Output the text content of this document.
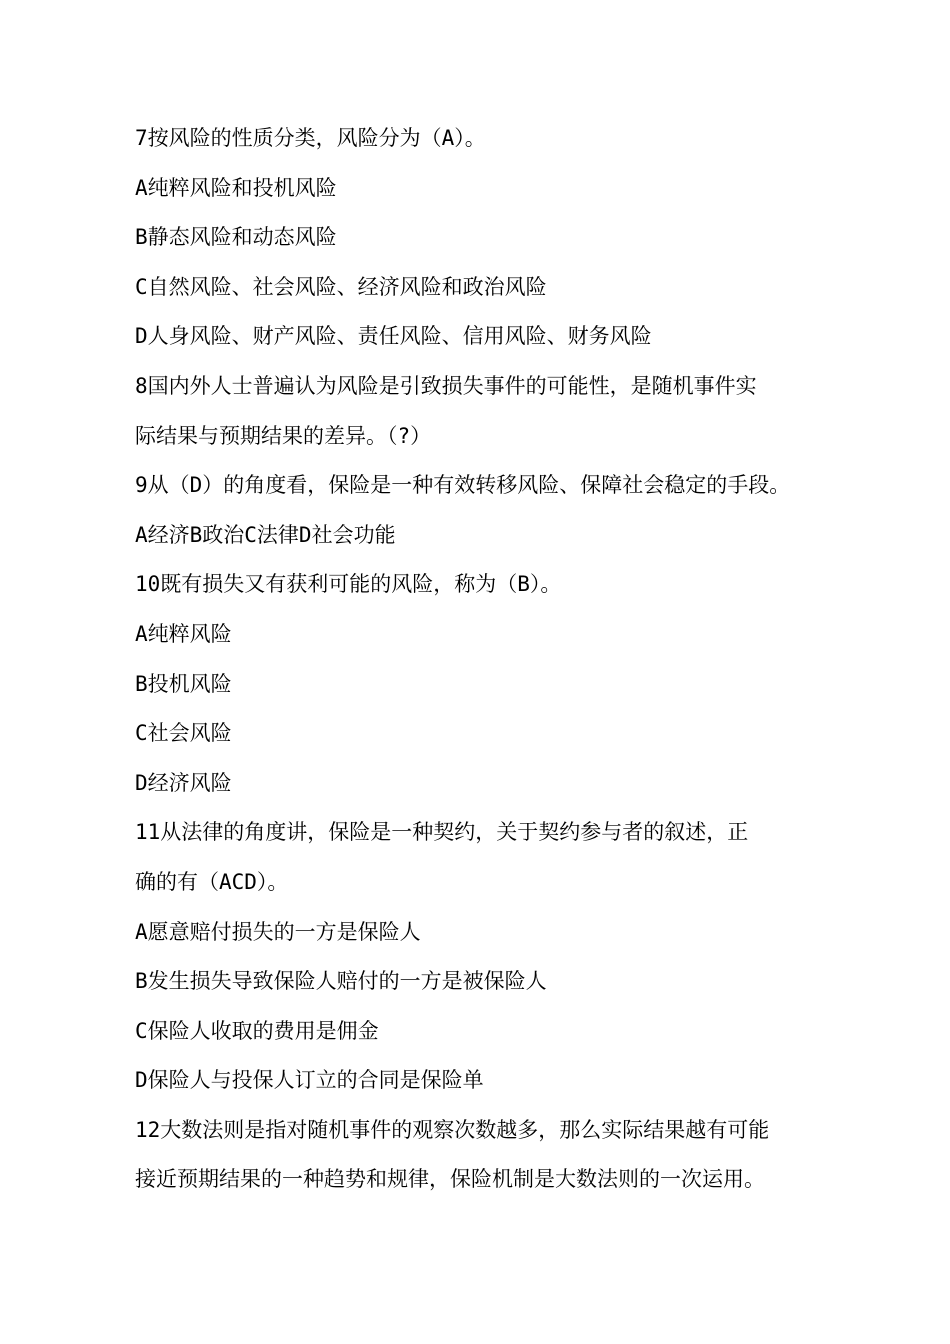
7按风险的性质分类，风险分为（A）。
A纯粹风险和投机风险
B静态风险和动态风险
C自然风险、社会风险、经济风险和政治风险
D人身风险、财产风险、责任风险、信用风险、财务风险
8国内外人士普遍认为风险是引致损失事件的可能性，是随机事件实
际结果与预期结果的差异。（?）
9从（D）的角度看，保险是一种有效转移风险、保障社会稳定的手段。
A经济B政治C法律D社会功能
10既有损失又有获利可能的风险，称为（B）。
A纯粹风险
B投机风险
C社会风险
D经济风险
11从法律的角度讲，保险是一种契约，关于契约参与者的叙述，正
确的有（ACD）。
A愿意赔付损失的一方是保险人
B发生损失导致保险人赔付的一方是被保险人
C保险人收取的费用是佣金
D保险人与投保人订立的合同是保险单
12大数法则是指对随机事件的观察次数越多，那么实际结果越有可能
接近预期结果的一种趋势和规律，保险机制是大数法则的一次运用。
